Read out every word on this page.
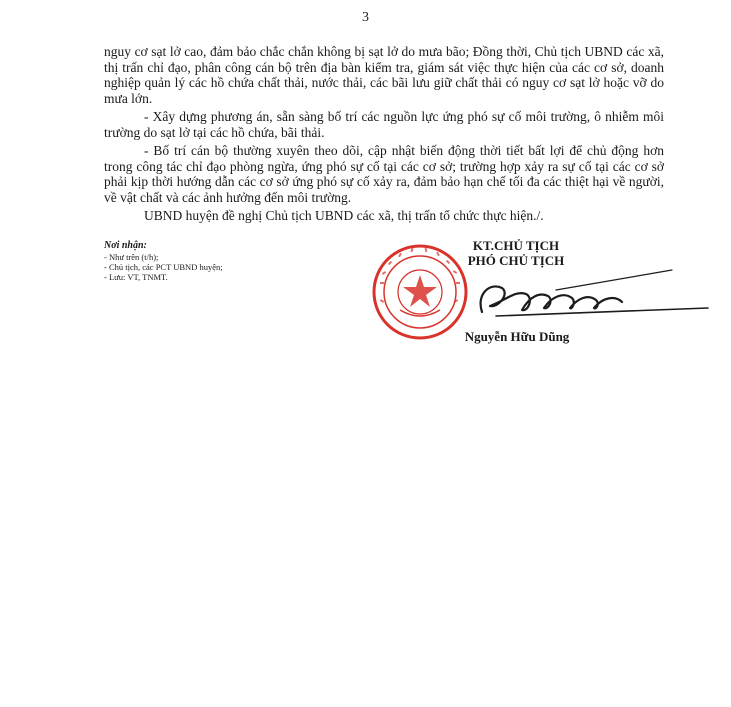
3

nguy cơ sạt lở cao, đảm bảo chắc chắn không bị sạt lở do mưa bão; Đồng thời, Chủ tịch UBND các xã, thị trấn chỉ đạo, phân công cán bộ trên địa bàn kiểm tra, giám sát việc thực hiện của các cơ sở, doanh nghiệp quản lý các hồ chứa chất thải, nước thải, các bãi lưu giữ chất thải có nguy cơ sạt lở hoặc vỡ do mưa lớn.

- Xây dựng phương án, sẵn sàng bố trí các nguồn lực ứng phó sự cố môi trường, ô nhiễm môi trường do sạt lở tại các hồ chứa, bãi thải.

- Bố trí cán bộ thường xuyên theo dõi, cập nhật biến động thời tiết bất lợi để chủ động hơn trong công tác chỉ đạo phòng ngừa, ứng phó sự cố tại các cơ sở; trường hợp xảy ra sự cố tại các cơ sở phải kịp thời hướng dẫn các cơ sở ứng phó sự cố xảy ra, đảm bảo hạn chế tối đa các thiệt hại về người, về vật chất và các ảnh hưởng đến môi trường.

UBND huyện đề nghị Chủ tịch UBND các xã, thị trấn tổ chức thực hiện./.

Nơi nhận:
- Như trên (t/h);
- Chủ tịch, các PCT UBND huyện;
- Lưu: VT, TNMT.
KT.CHỦ TỊCH
PHÓ CHỦ TỊCH
Nguyễn Hữu Dũng
